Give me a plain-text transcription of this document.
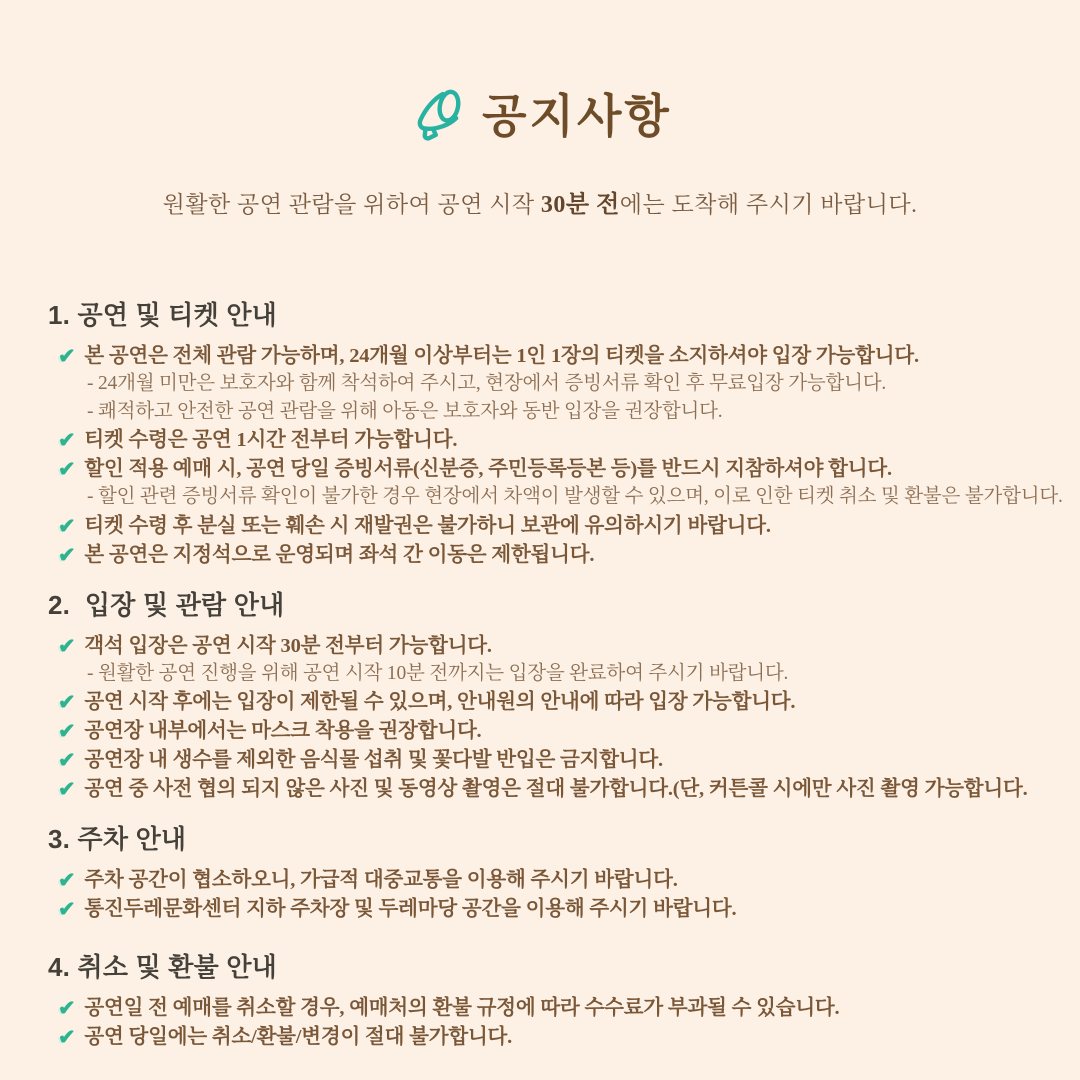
공지사항
원활한 공연 관람을 위하여 공연 시작 30분 전에는 도착해 주시기 바랍니다.
1. 공연 및 티켓 안내
✔ 본 공연은 전체 관람 가능하며, 24개월 이상부터는 1인 1장의 티켓을 소지하셔야 입장 가능합니다.
- 24개월 미만은 보호자와 함께 착석하여 주시고, 현장에서 증빙서류 확인 후 무료입장 가능합니다.
- 쾌적하고 안전한 공연 관람을 위해 아동은 보호자와 동반 입장을 권장합니다.
✔ 티켓 수령은 공연 1시간 전부터 가능합니다.
✔ 할인 적용 예매 시, 공연 당일 증빙서류(신분증, 주민등록등본 등)를 반드시 지참하셔야 합니다.
- 할인 관련 증빙서류 확인이 불가한 경우 현장에서 차액이 발생할 수 있으며, 이로 인한 티켓 취소 및 환불은 불가합니다.
✔ 티켓 수령 후 분실 또는 훼손 시 재발권은 불가하니 보관에 유의하시기 바랍니다.
✔ 본 공연은 지정석으로 운영되며 좌석 간 이동은 제한됩니다.
2.  입장 및 관람 안내
✔ 객석 입장은 공연 시작 30분 전부터 가능합니다.
- 원활한 공연 진행을 위해 공연 시작 10분 전까지는 입장을 완료하여 주시기 바랍니다.
✔ 공연 시작 후에는 입장이 제한될 수 있으며, 안내원의 안내에 따라 입장 가능합니다.
✔ 공연장 내부에서는 마스크 착용을 권장합니다.
✔ 공연장 내 생수를 제외한 음식물 섭취 및 꽃다발 반입은 금지합니다.
✔ 공연 중 사전 협의 되지 않은 사진 및 동영상 촬영은 절대 불가합니다.(단, 커튼콜 시에만 사진 촬영 가능합니다.
3. 주차 안내
✔ 주차 공간이 협소하오니, 가급적 대중교통을 이용해 주시기 바랍니다.
✔ 통진두레문화센터 지하 주차장 및 두레마당 공간을 이용해 주시기 바랍니다.
4. 취소 및 환불 안내
✔ 공연일 전 예매를 취소할 경우, 예매처의 환불 규정에 따라 수수료가 부과될 수 있습니다.
✔ 공연 당일에는 취소/환불/변경이 절대 불가합니다.
